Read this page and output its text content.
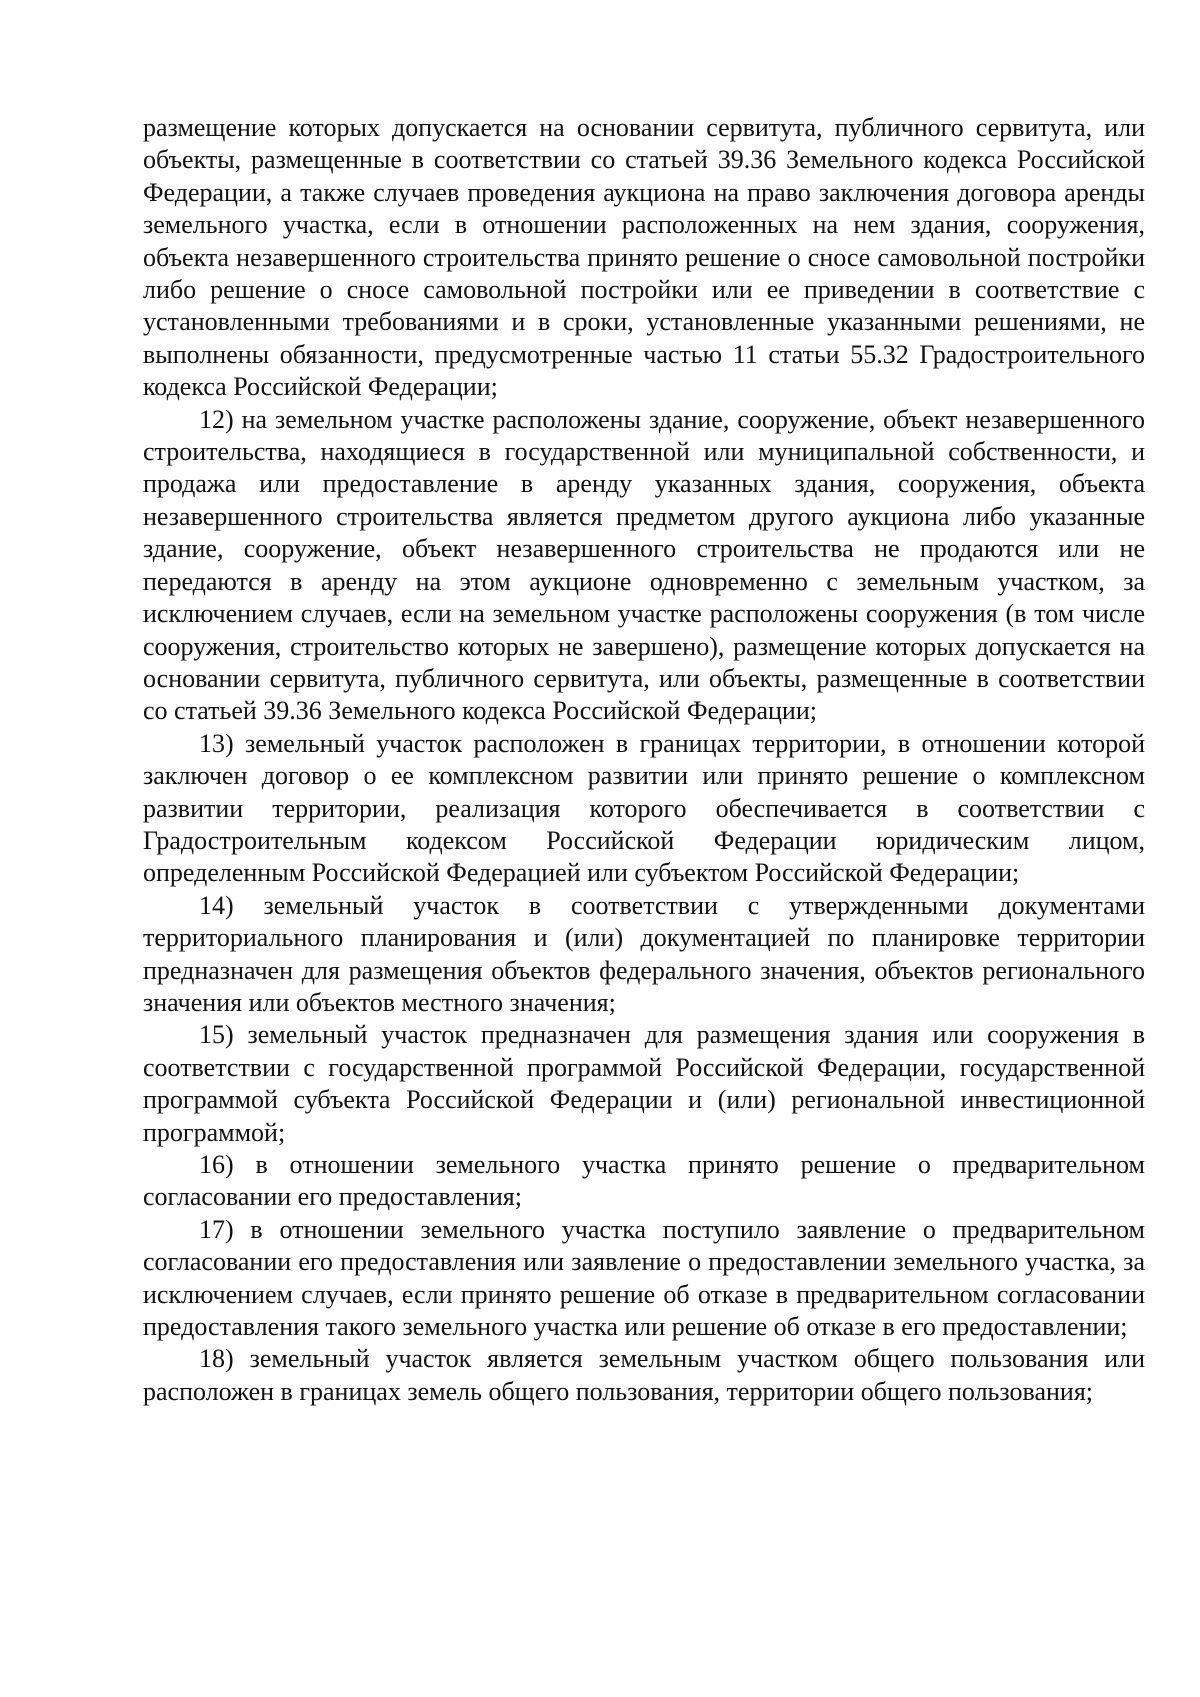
размещение которых допускается на основании сервитута, публичного сервитута, или объекты, размещенные в соответствии со статьей 39.36 Земельного кодекса Российской Федерации, а также случаев проведения аукциона на право заключения договора аренды земельного участка, если в отношении расположенных на нем здания, сооружения, объекта незавершенного строительства принято решение о сносе самовольной постройки либо решение о сносе самовольной постройки или ее приведении в соответствие с установленными требованиями и в сроки, установленные указанными решениями, не выполнены обязанности, предусмотренные частью 11 статьи 55.32 Градостроительного кодекса Российской Федерации;

12) на земельном участке расположены здание, сооружение, объект незавершенного строительства, находящиеся в государственной или муниципальной собственности, и продажа или предоставление в аренду указанных здания, сооружения, объекта незавершенного строительства является предметом другого аукциона либо указанные здание, сооружение, объект незавершенного строительства не продаются или не передаются в аренду на этом аукционе одновременно с земельным участком, за исключением случаев, если на земельном участке расположены сооружения (в том числе сооружения, строительство которых не завершено), размещение которых допускается на основании сервитута, публичного сервитута, или объекты, размещенные в соответствии со статьей 39.36 Земельного кодекса Российской Федерации;

13) земельный участок расположен в границах территории, в отношении которой заключен договор о ее комплексном развитии или принято решение о комплексном развитии территории, реализация которого обеспечивается в соответствии с Градостроительным кодексом Российской Федерации юридическим лицом, определенным Российской Федерацией или субъектом Российской Федерации;

14) земельный участок в соответствии с утвержденными документами территориального планирования и (или) документацией по планировке территории предназначен для размещения объектов федерального значения, объектов регионального значения или объектов местного значения;

15) земельный участок предназначен для размещения здания или сооружения в соответствии с государственной программой Российской Федерации, государственной программой субъекта Российской Федерации и (или) региональной инвестиционной программой;

16) в отношении земельного участка принято решение о предварительном согласовании его предоставления;

17) в отношении земельного участка поступило заявление о предварительном согласовании его предоставления или заявление о предоставлении земельного участка, за исключением случаев, если принято решение об отказе в предварительном согласовании предоставления такого земельного участка или решение об отказе в его предоставлении;

18) земельный участок является земельным участком общего пользования или расположен в границах земель общего пользования, территории общего пользования;
